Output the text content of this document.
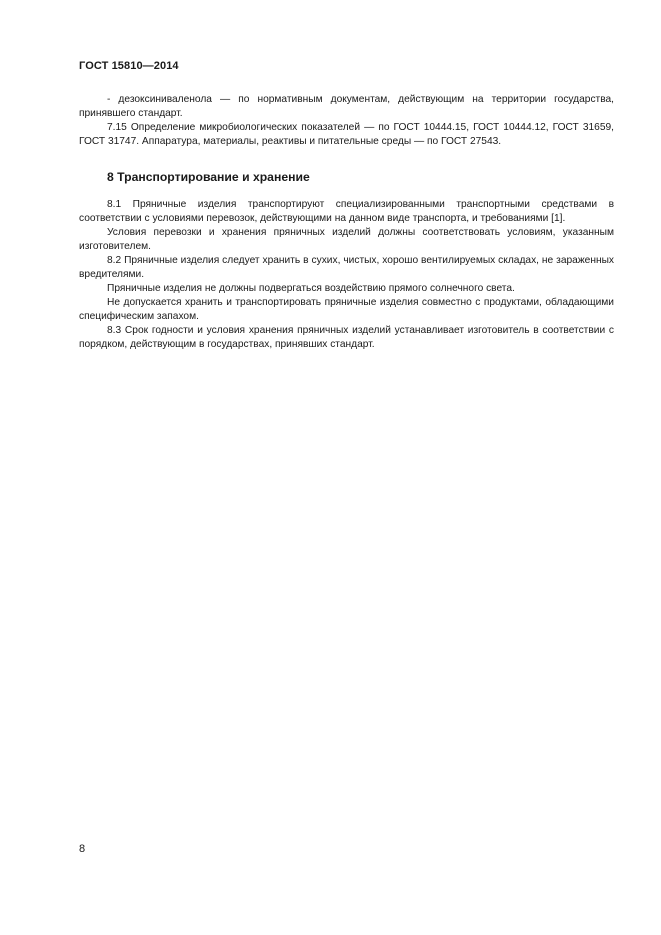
ГОСТ 15810—2014

- дезоксиниваленола — по нормативным документам, действующим на территории государства, принявшего стандарт.

7.15 Определение микробиологических показателей — по ГОСТ 10444.15, ГОСТ 10444.12, ГОСТ 31659, ГОСТ 31747. Аппаратура, материалы, реактивы и питательные среды — по ГОСТ 27543.

8 Транспортирование и хранение

8.1 Пряничные изделия транспортируют специализированными транспортными средствами в соответствии с условиями перевозок, действующими на данном виде транспорта, и требованиями [1].

Условия перевозки и хранения пряничных изделий должны соответствовать условиям, указанным изготовителем.

8.2 Пряничные изделия следует хранить в сухих, чистых, хорошо вентилируемых складах, не зараженных вредителями.

Пряничные изделия не должны подвергаться воздействию прямого солнечного света.

Не допускается хранить и транспортировать пряничные изделия совместно с продуктами, обладающими специфическим запахом.

8.3 Срок годности и условия хранения пряничных изделий устанавливает изготовитель в соответствии с порядком, действующим в государствах, принявших стандарт.

8
